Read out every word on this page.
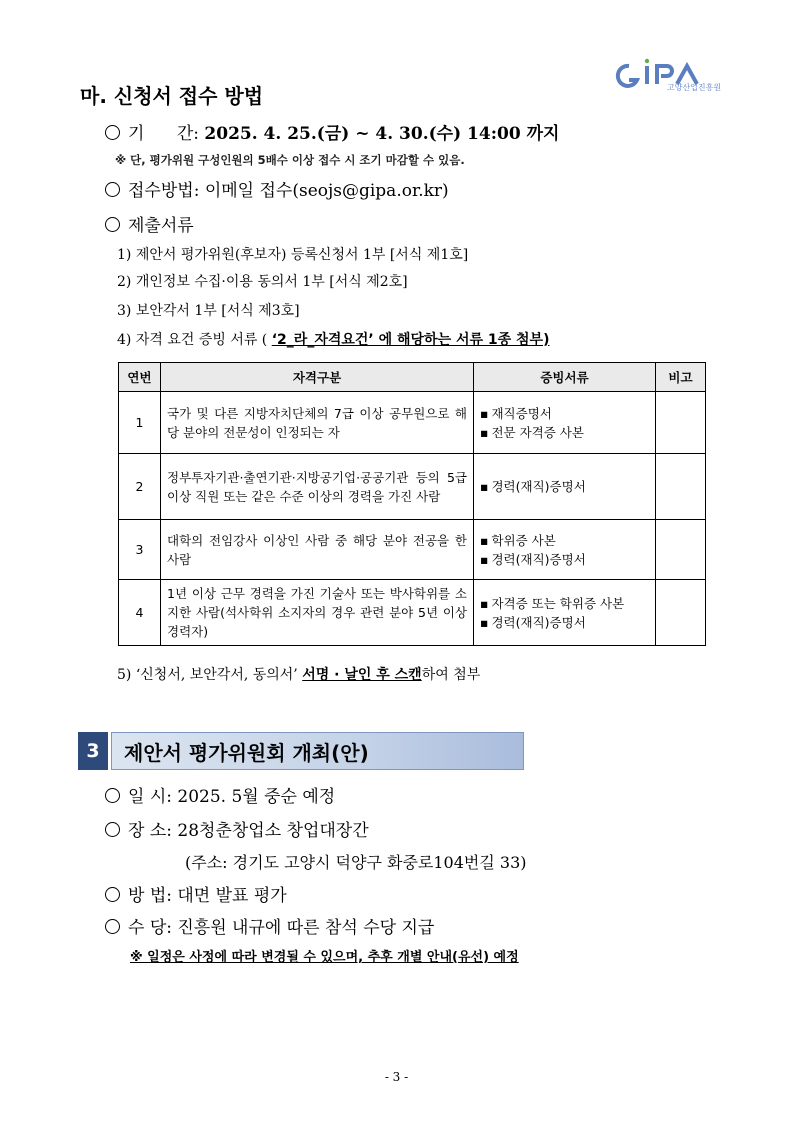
고양산업진흥원
마. 신청서 접수 방법
기      간: 2025. 4. 25.(금) ~ 4. 30.(수) 14:00 까지
※ 단, 평가위원 구성인원의 5배수 이상 접수 시 조기 마감할 수 있음.
접수방법: 이메일 접수(seojs@gipa.or.kr)
제출서류
1) 제안서 평가위원(후보자) 등록신청서 1부 [서식 제1호]
2) 개인정보 수집·이용 동의서 1부 [서식 제2호]
3) 보안각서 1부 [서식 제3호]
4) 자격 요건 증빙 서류 ( ‘2_라_자격요건’ 에 해당하는 서류 1종 첨부)
연번	자격구분	증빙서류	비고
1	국가 및 다른 지방자치단체의 7급 이상 공무원으로 해당 분야의 전문성이 인정되는 자	▪ 재직증명서
▪ 전문 자격증 사본

2	정부투자기관·출연기관·지방공기업·공공기관 등의 5급 이상 직원 또는 같은 수준 이상의 경력을 가진 사람	▪ 경력(재직)증명서

3	대학의 전임강사 이상인 사람 중 해당 분야 전공을 한 사람	▪ 학위증 사본
▪ 경력(재직)증명서

4	1년 이상 근무 경력을 가진 기술사 또는 박사학위를 소지한 사람(석사학위 소지자의 경우 관련 분야 5년 이상 경력자)	▪ 자격증 또는 학위증 사본
▪ 경력(재직)증명서

5) ‘신청서, 보안각서, 동의서’ 서명 · 날인 후 스캔하여 첨부
3	제안서 평가위원회 개최(안)
일 시: 2025. 5월 중순 예정
장 소: 28청춘창업소 창업대장간
(주소: 경기도 고양시 덕양구 화중로104번길 33)
방 법: 대면 발표 평가
수 당: 진흥원 내규에 따른 참석 수당 지급
※ 일정은 사정에 따라 변경될 수 있으며, 추후 개별 안내(유선) 예정
- 3 -
